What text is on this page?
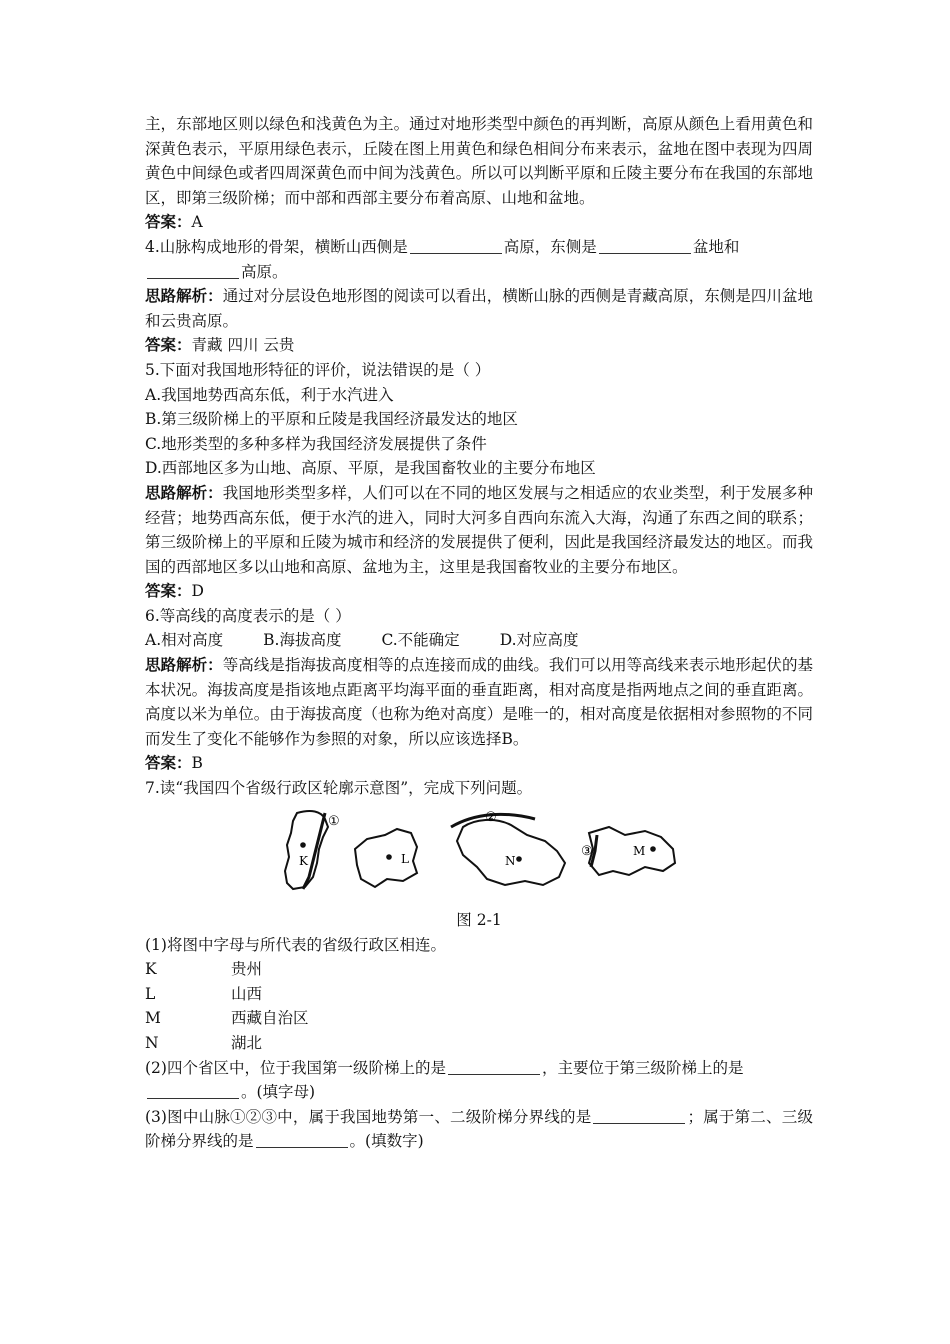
主，东部地区则以绿色和浅黄色为主。通过对地形类型中颜色的再判断，高原从颜色上看用黄色和深黄色表示，平原用绿色表示，丘陵在图上用黄色和绿色相间分布来表示，盆地在图中表现为四周黄色中间绿色或者四周深黄色而中间为浅黄色。所以可以判断平原和丘陵主要分布在我国的东部地区，即第三级阶梯；而中部和西部主要分布着高原、山地和盆地。

答案：A

4.山脉构成地形的骨架，横断山西侧是	高原，东侧是	盆地和
高原。

思路解析：通过对分层设色地形图的阅读可以看出，横断山脉的西侧是青藏高原，东侧是四川盆地和云贵高原。

答案：青藏 四川 云贵

5.下面对我国地形特征的评价，说法错误的是（ ）

A.我国地势西高东低，利于水汽进入

B.第三级阶梯上的平原和丘陵是我国经济最发达的地区

C.地形类型的多种多样为我国经济发展提供了条件

D.西部地区多为山地、高原、平原，是我国畜牧业的主要分布地区

思路解析：我国地形类型多样，人们可以在不同的地区发展与之相适应的农业类型，利于发展多种经营；地势西高东低，便于水汽的进入，同时大河多自西向东流入大海，沟通了东西之间的联系；第三级阶梯上的平原和丘陵为城市和经济的发展提供了便利，因此是我国经济最发达的地区。而我国的西部地区多以山地和高原、盆地为主，这里是我国畜牧业的主要分布地区。

答案：D

6.等高线的高度表示的是（ ）

A.相对高度	B.海拔高度	C.不能确定	D.对应高度

思路解析：等高线是指海拔高度相等的点连接而成的曲线。我们可以用等高线来表示地形起伏的基本状况。海拔高度是指该地点距离平均海平面的垂直距离，相对高度是指两地点之间的垂直距离。高度以米为单位。由于海拔高度（也称为绝对高度）是唯一的，相对高度是依据相对参照物的不同而发生了变化不能够作为参照的对象，所以应该选择B。

答案：B

7.读“我国四个省级行政区轮廓示意图”，完成下列问题。

K
①
L	N
②
M
③
图 2-1

(1)将图中字母与所代表的省级行政区相连。

K	贵州
L	山西
M	西藏自治区
N	湖北

(2)四个省区中，位于我国第一级阶梯上的是	，主要位于第三级阶梯上的是
。(填字母)

(3)图中山脉①②③中，属于我国地势第一、二级阶梯分界线的是	；属于第二、三级阶梯分界线的是	。(填数字)
